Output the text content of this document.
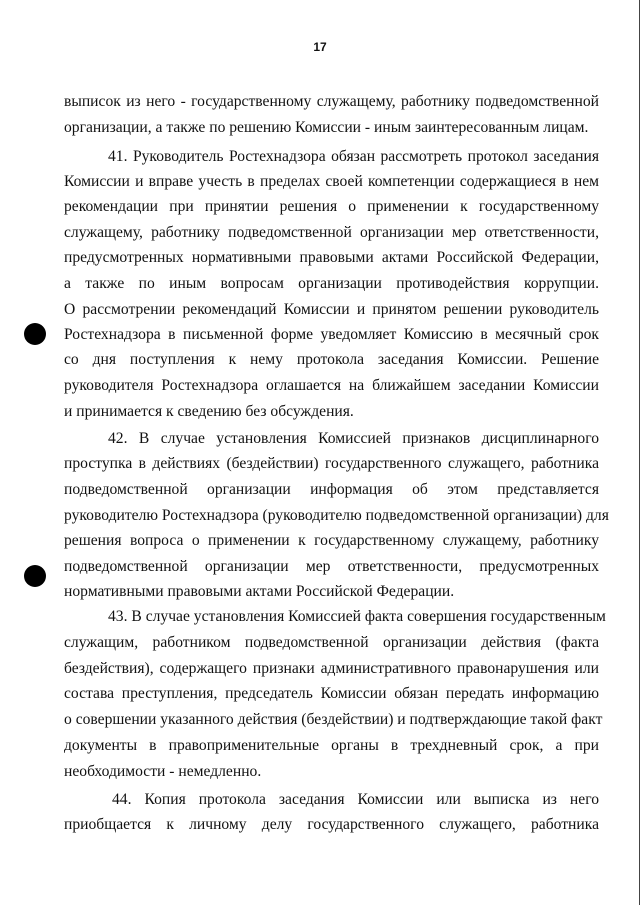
17
выписок из него - государственному служащему, работнику подведомственной
организации, а также по решению Комиссии - иным заинтересованным лицам.
41. Руководитель Ростехнадзора обязан рассмотреть протокол заседания
Комиссии и вправе учесть в пределах своей компетенции содержащиеся в нем
рекомендации при принятии решения о применении к государственному
служащему, работнику подведомственной организации мер ответственности,
предусмотренных нормативными правовыми актами Российской Федерации,
а также по иным вопросам организации противодействия коррупции.
О рассмотрении рекомендаций Комиссии и принятом решении руководитель
Ростехнадзора в письменной форме уведомляет Комиссию в месячный срок
со дня поступления к нему протокола заседания Комиссии. Решение
руководителя Ростехнадзора оглашается на ближайшем заседании Комиссии
и принимается к сведению без обсуждения.
42. В случае установления Комиссией признаков дисциплинарного
проступка в действиях (бездействии) государственного служащего, работника
подведомственной организации информация об этом представляется
руководителю Ростехнадзора (руководителю подведомственной организации) для
решения вопроса о применении к государственному служащему, работнику
подведомственной организации мер ответственности, предусмотренных
нормативными правовыми актами Российской Федерации.
43. В случае установления Комиссией факта совершения государственным
служащим, работником подведомственной организации действия (факта
бездействия), содержащего признаки административного правонарушения или
состава преступления, председатель Комиссии обязан передать информацию
о совершении указанного действия (бездействии) и подтверждающие такой факт
документы в правоприменительные органы в трехдневный срок, а при
необходимости - немедленно.
44. Копия протокола заседания Комиссии или выписка из него
приобщается к личному делу государственного служащего, работника
